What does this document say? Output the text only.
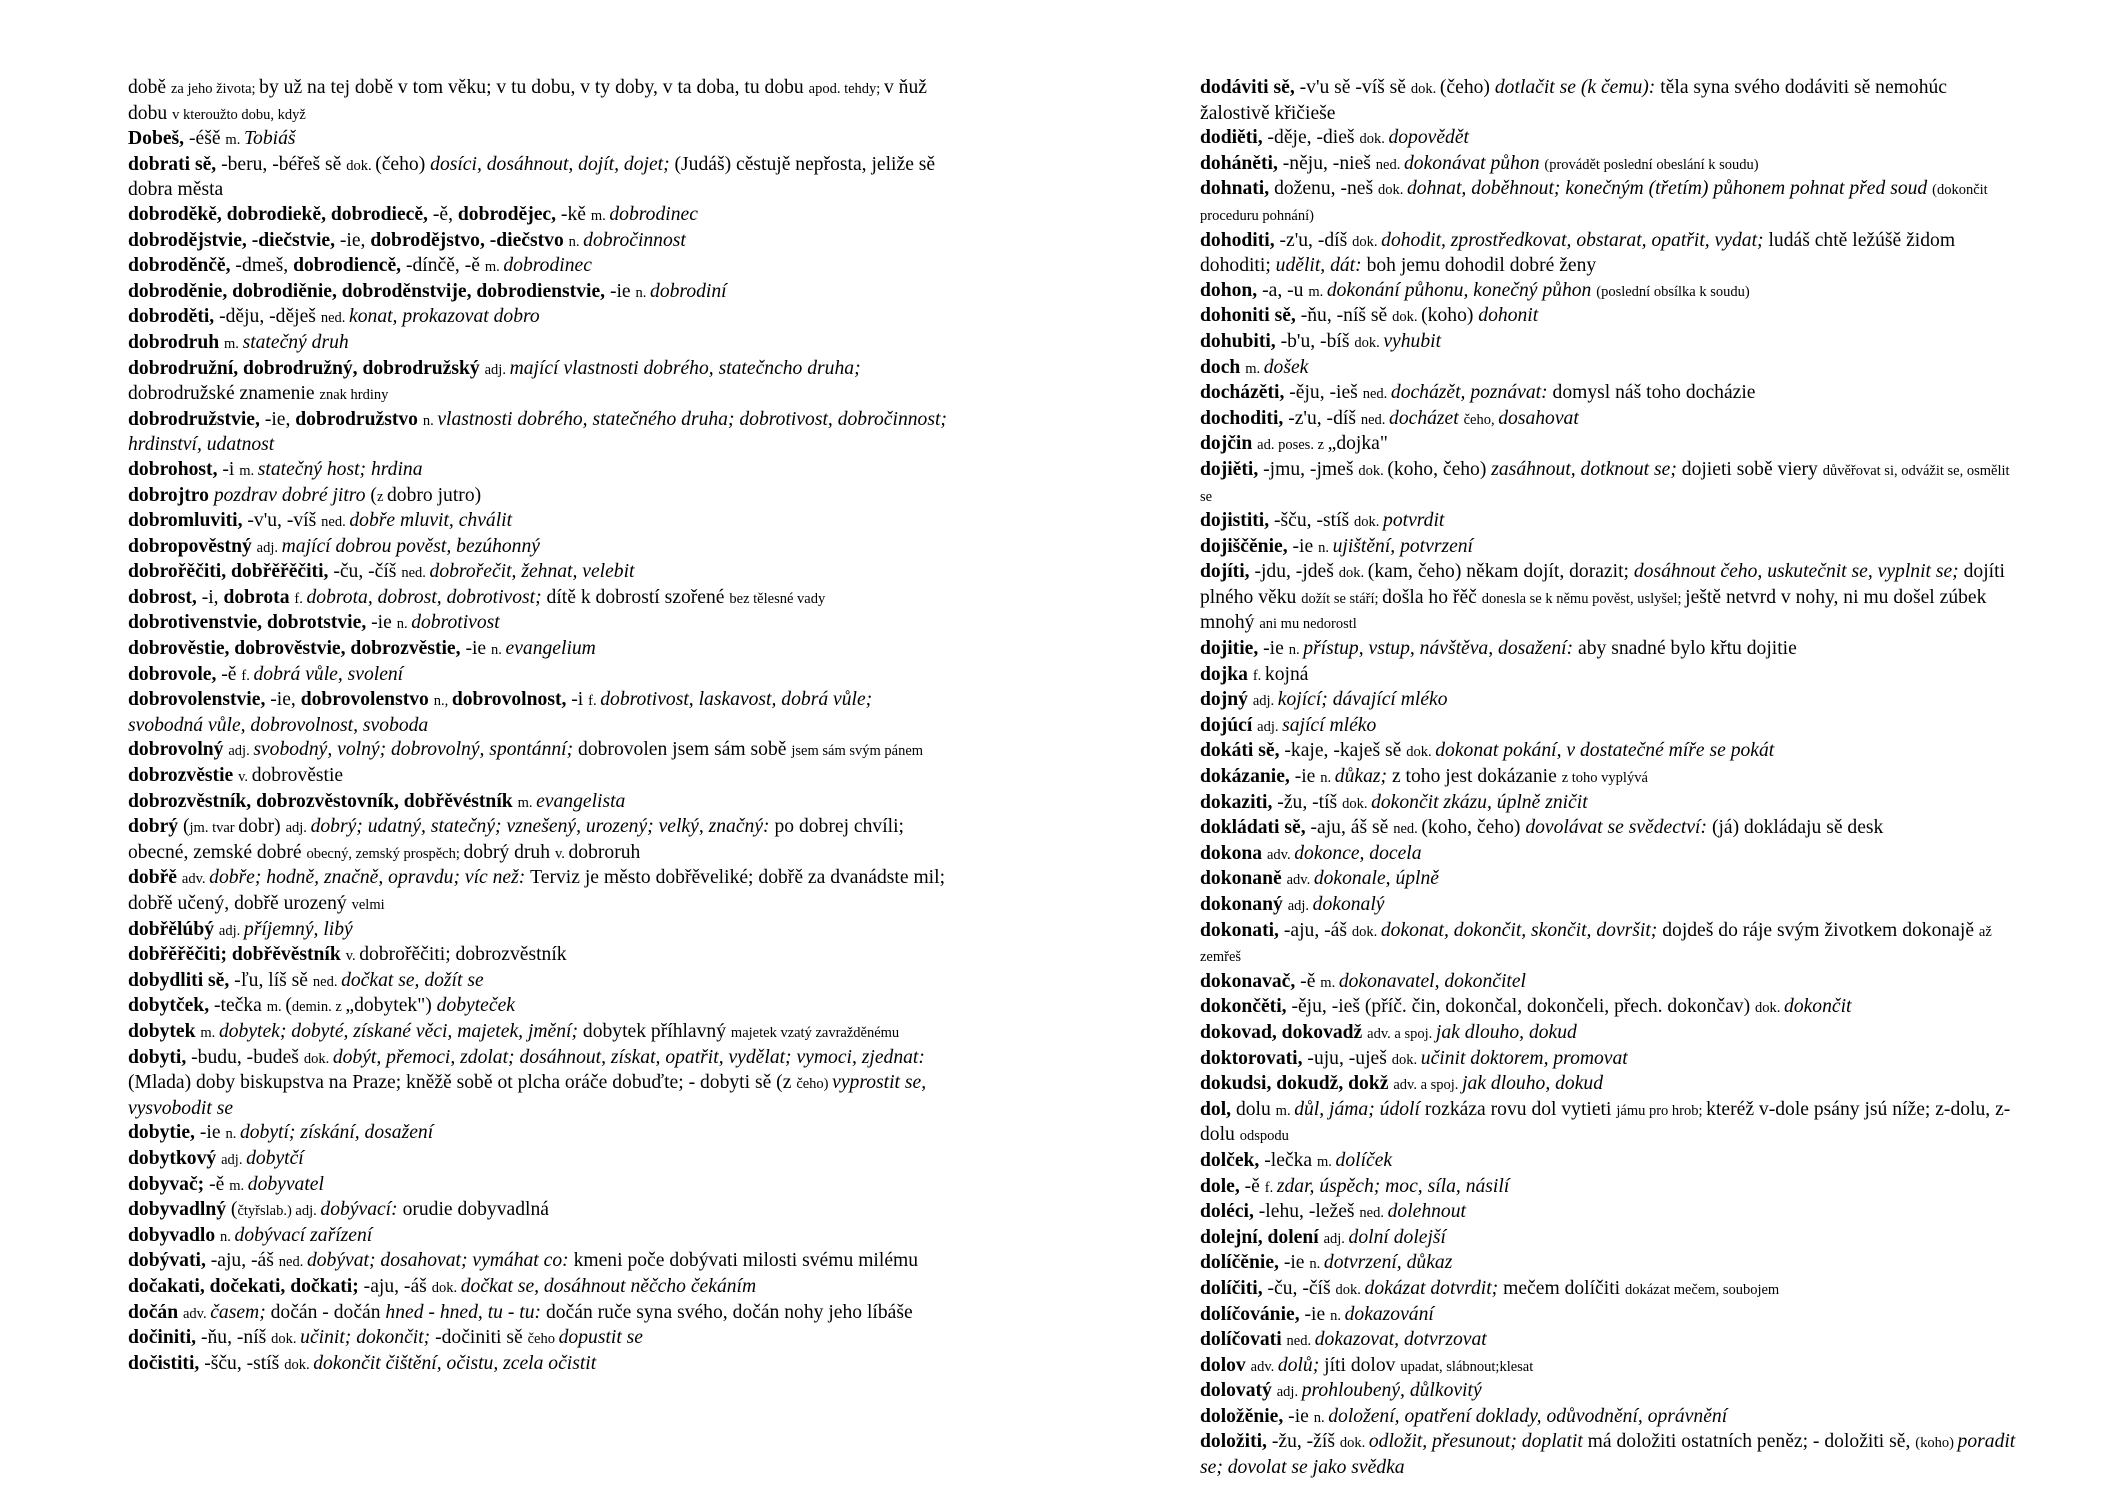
době za jeho života; by už na tej době v tom věku; v tu dobu, v ty doby, v ta doba, tu dobu apod. tehdy; v ňuž dobu v kteroužto dobu, když

Dobeš, -éšě m. Tobiáš

dobrati sě, -beru, -béřeš sě dok. (čeho) dosíci, dosáhnout, dojít, dojet; (Judáš) cěstujě nepřosta, jeližе sě dobra města

dobroděkě, dobrodiekě, dobrodiecě, -ě, dobrodějec, -kě m. dobrodinec

dobrodějstvie, -diečstvie, -ie, dobrodějstvo, -diečstvo n. dobročinnost

dobroděnčě, -dmeš, dobrodiencě, -dínčě, -ě m. dobrodinec

dobroděnie, dobrodiěnie, dobroděnstvije, dobrodienstvie, -ie n. dobrodiní

dobroděti, -děju, -děješ ned. konat, prokazovat dobro

dobrodruh m. statečný druh

dobrodružní, dobrodružný, dobrodružský adj. mající vlastnosti dobrého, statečncho druha; dobrodružské znamenie znak hrdiny

dobrodružstvie, -ie, dobrodružstvo n. vlastnosti dobrého, statečného druha; dobrotivost, dobročinnost; hrdinství, udatnost

dobrohost, -i m. statečný host; hrdina

dobrojtro pozdrav dobré jitro (z dobro jutro)

dobromluviti, -v'u, -víš ned. dobře mluvit, chválit

dobropověstný adj. mající dobrou pověst, bezúhonný

dobrořěčiti, dobřěřěčiti, -ču, -číš ned. dobrořečit, žehnat, velebit

dobrost, -i, dobrota f. dobrota, dobrost, dobrotivost; dítě k dobrostí szořené bez tělesné vady

dobrotivenstvie, dobrotstvie, -ie n. dobrotivost

dobrověstie, dobrověstvie, dobrozvěstie, -ie n. evangelium

dobrovole, -ě f. dobrá vůle, svolení

dobrovolenstvie, -ie, dobrovolenstvo n., dobrovolnost, -i f. dobrotivost, laskavost, dobrá vůle; svobodná vůle, dobrovolnost, svoboda

dobrovolný adj. svobodný, volný; dobrovolný, spontánní; dobrovolen jsem sám sobě jsem sám svým pánem

dobrozvěstie v. dobrověstie

dobrozvěstník, dobrozvěstovník, dobřěvéstník m. evangelista

dobrý (jm. tvar dobr) adj. dobrý; udatný, statečný; vznešený, urozený; velký, značný: po dobrej chvíli; obecné, zemské dobré obecný, zemský prospěch; dobrý druh v. dobroruh

dobřě adv. dobře; hodně, značně, opravdu; víc než: Terviz je město dobřěveliké; dobřě za dvanádste mil; dobřě učený, dobřě urozený velmi

dobřělúbý adj. příjemný, libý

dobřěřěčiti; dobřěvěstník v. dobrořěčiti; dobrozvěstník

dobydliti sě, -ľu, líš sě ned. dočkat se, dožít se

dobytček, -tečka m. (demin. z „dobytek") dobyteček

dobytek m. dobytek; dobyté, získané věci, majetek, jmění; dobytek příhlavný majetek vzatý zavražděnému

dobyti, -budu, -budeš dok. dobýt, přemoci, zdolat; dosáhnout, získat, opatřit, vydělat; vymoci, zjednat: (Mlada) doby biskupstva na Praze; kněžě sobě ot plcha oráče dobuďte; - dobyti sě (z čeho) vyprostit se, vysvobodit se

dobytie, -ie n. dobytí; získání, dosažení

dobytkový adj. dobytčí

dobyvač; -ě m. dobyvatel

dobyvadlný (čtyřslab.) adj. dobývací: orudie dobyvadlná

dobyvadlo n. dobývací zařízení

dobývati, -aju, -áš ned. dobývat; dosahovat; vymáhat co: kmeni poče dobývati milosti svému milému

dočakati, dočekati, dočkati; -aju, -áš dok. dočkat se, dosáhnout něčcho čekáním

dočán adv. časem; dočán - dočán hned - hned, tu - tu: dočán ruče syna svého, dočán nohy jeho líbáše

dočiniti, -ňu, -níš dok. učinit; dokončit; -dočiniti sě čeho dopustit se

dočistiti, -šču, -stíš dok. dokončit čištění, očistu, zcela očistit

dodáviti sě, -v'u sě -víš sě dok. (čeho) dotlačit se (k čemu): těla syna svého dodáviti sě nemohúc žalostivě křičieše

dodiěti, -děje, -dieš dok. dopovědět

doháněti, -něju, -nieš ned. dokonávat půhon (provádět poslední obeslání k soudu)

dohnati, doženu, -neš dok. dohnat, doběhnout; konečným (třetím) půhonem pohnat před soud (dokončit proceduru pohnání)

dohoditi, -z'u, -díš dok. dohodit, zprostředkovat, obstarat, opatřit, vydat; ludáš chtě ležúšě židom dohoditi; udělit, dát: boh jemu dohodil dobré ženy

dohon, -a, -u m. dokonání půhonu, konečný půhon (poslední obsílka k soudu)

dohoniti sě, -ňu, -níš sě dok. (koho) dohonit

dohubiti, -b'u, -bíš dok. vyhubit

doch m. došek

docházěti, -ěju, -ieš ned. docházět, poznávat: domysl náš toho docházie

dochoditi, -z'u, -díš ned. docházet čeho, dosahovat

dojčin ad. poses. z „dojka"

dojiěti, -jmu, -jmeš dok. (koho, čeho) zasáhnout, dotknout se; dojieti sobě viery důvěřovat si, odvážit se, osmělit se

dojistiti, -šču, -stíš dok. potvrdit

dojiščěnie, -ie n. ujištění, potvrzení

dojíti, -jdu, -jdeš dok. (kam, čeho) někam dojít, dorazit; dosáhnout čeho, uskutečnit se, vyplnit se; dojíti plného věku dožít se stáří; došla ho řěč donesla se k němu pověst, uslyšel; ještě netvrd v nohy, ni mu došel zúbek mnohý ani mu nedorostl

dojitie, -ie n. přístup, vstup, návštěva, dosažení: aby snadné bylo křtu dojitie

dojka f. kojná

dojný adj. kojící; dávající mléko

dojúcí adj. sající mléko

dokáti sě, -kaje, -kaješ sě dok. dokonat pokání, v dostatečné míře se pokát

dokázanie, -ie n. důkaz; z toho jest dokázanie z toho vyplývá

dokaziti, -žu, -tíš dok. dokončit zkázu, úplně zničit

dokládati sě, -aju, áš sě ned. (koho, čeho) dovolávat se svědectví: (já) dokládaju sě desk

dokona adv. dokonce, docela

dokonaně adv. dokonale, úplně

dokonaný adj. dokonalý

dokonati, -aju, -áš dok. dokonat, dokončit, skončit, dovršit; dojdeš do ráje svým životkem dokonajě až zemřeš

dokonavač, -ě m. dokonavatel, dokončitel

dokončěti, -ěju, -ieš (příč. čin, dokončal, dokončeli, přech. dokončav) dok. dokončit

dokovad, dokovadž adv. a spoj. jak dlouho, dokud

doktorovati, -uju, -uješ dok. učinit doktorem, promovat

dokudsi, dokudž, dokž adv. a spoj. jak dlouho, dokud

dol, dolu m. důl, jáma; údolí rozkáza rovu dol vytieti jámu pro hrob; kteréž v-dole psány jsú níže; z-dolu, z-dolu odspodu

dolček, -lečka m. dolíček

dole, -ě f. zdar, úspěch; moc, síla, násilí

doléci, -lehu, -ležeš ned. dolehnout

dolejní, dolení adj. dolní dolejší

dolíčěnie, -ie n. dotvrzení, důkaz

dolíčiti, -ču, -číš dok. dokázat dotvrdit; mečem dolíčiti dokázat mečem, soubojem

dolíčovánie, -ie n. dokazování

dolíčovati ned. dokazovat, dotvrzovat

dolov adv. dolů; jíti dolov upadat, slábnout;klesat

dolovatý adj. prohloubený, důlkovitý

doložěnie, -ie n. doložení, opatření doklady, odůvodnění, oprávnění

doložiti, -žu, -žíš dok. odložit, přesunout; doplatit má doložiti ostatních peněz; - doložiti sě, (koho) poradit se; dovolat se jako svědka
